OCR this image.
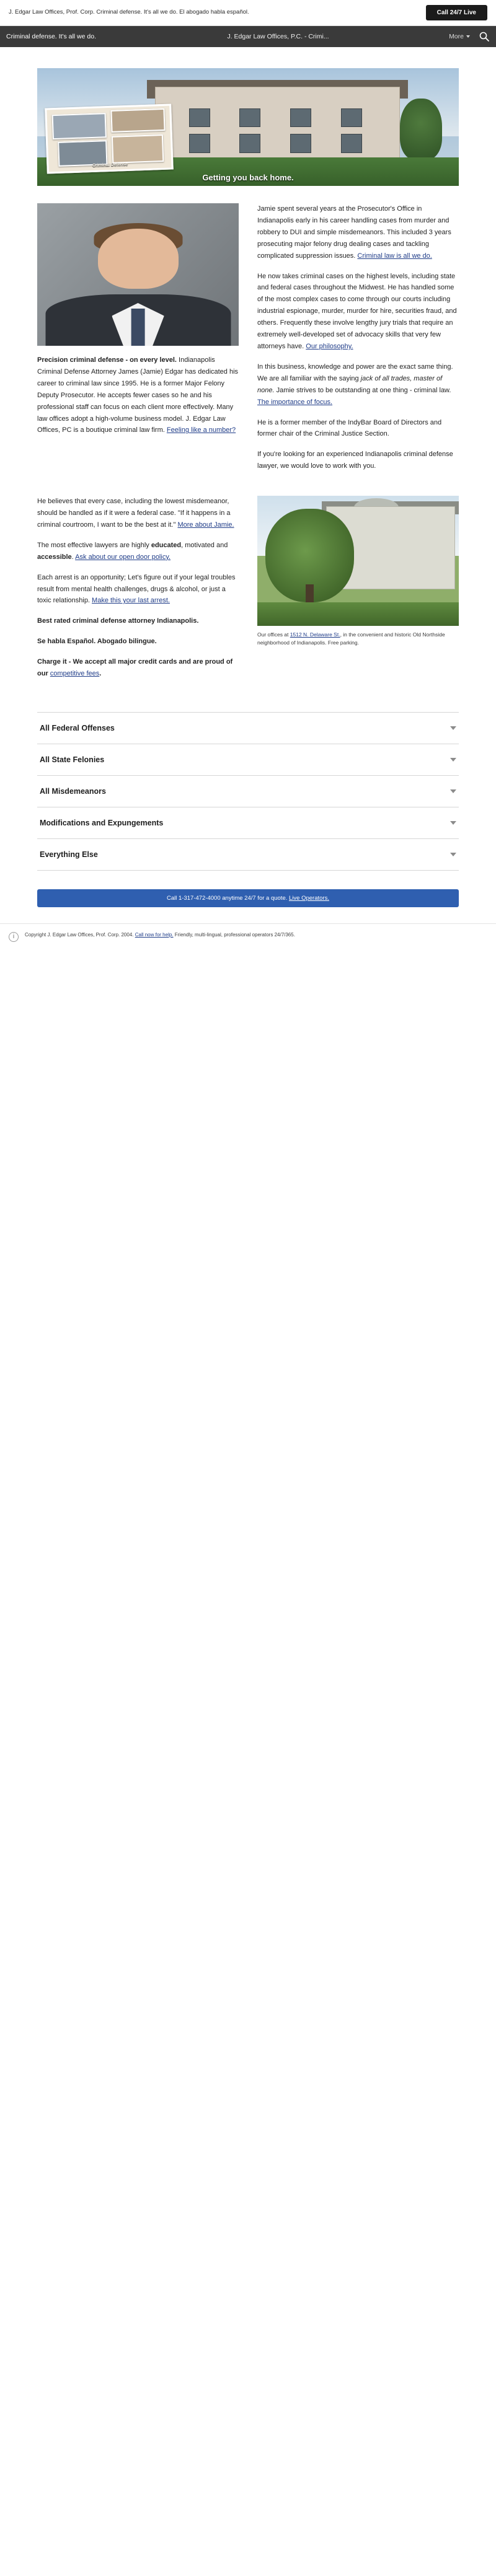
J. Edgar Law Offices, Prof. Corp. Criminal defense. It's all we do. El abogado habla español.	Call 24/7 Live
Criminal defense. It's all we do.	J. Edgar Law Offices, P.C. - Crimi...	More
Criminal Defense
Getting you back home.

Precision criminal defense - on every level. Indianapolis Criminal Defense Attorney James (Jamie) Edgar has dedicated his career to criminal law since 1995. He is a former Major Felony Deputy Prosecutor. He accepts fewer cases so he and his professional staff can focus on each client more effectively. Many law offices adopt a high-volume business model. J. Edgar Law Offices, PC is a boutique criminal law firm. Feeling like a number?

Jamie spent several years at the Prosecutor's Office in Indianapolis early in his career handling cases from murder and robbery to DUI and simple misdemeanors. This included 3 years prosecuting major felony drug dealing cases and tackling complicated suppression issues. Criminal law is all we do.

He now takes criminal cases on the highest levels, including state and federal cases throughout the Midwest. He has handled some of the most complex cases to come through our courts including industrial espionage, murder, murder for hire, securities fraud, and others. Frequently these involve lengthy jury trials that require an extremely well-developed set of advocacy skills that very few attorneys have. Our philosophy.

In this business, knowledge and power are the exact same thing. We are all familiar with the saying jack of all trades, master of none. Jamie strives to be outstanding at one thing - criminal law. The importance of focus.

He is a former member of the IndyBar Board of Directors and former chair of the Criminal Justice Section.

If you're looking for an experienced Indianapolis criminal defense lawyer, we would love to work with you.

He believes that every case, including the lowest misdemeanor, should be handled as if it were a federal case. "If it happens in a criminal courtroom, I want to be the best at it." More about Jamie.

The most effective lawyers are highly educated, motivated and accessible. Ask about our open door policy.

Each arrest is an opportunity; Let's figure out if your legal troubles result from mental health challenges, drugs & alcohol, or just a toxic relationship. Make this your last arrest.

Best rated criminal defense attorney Indianapolis.

Se habla Español. Abogado bilingue.

Charge it - We accept all major credit cards and are proud of our competitive fees.

Our offices at 1512 N. Delaware St., in the convenient and historic Old Northside neighborhood of Indianapolis. Free parking.
All Federal Offenses
All State Felonies
All Misdemeanors
Modifications and Expungements
Everything Else
Call 1-317-472-4000 anytime 24/7 for a quote. Live Operators.
i	Copyright J. Edgar Law Offices, Prof. Corp. 2004. Call now for help. Friendly, multi-lingual, professional operators 24/7/365.
